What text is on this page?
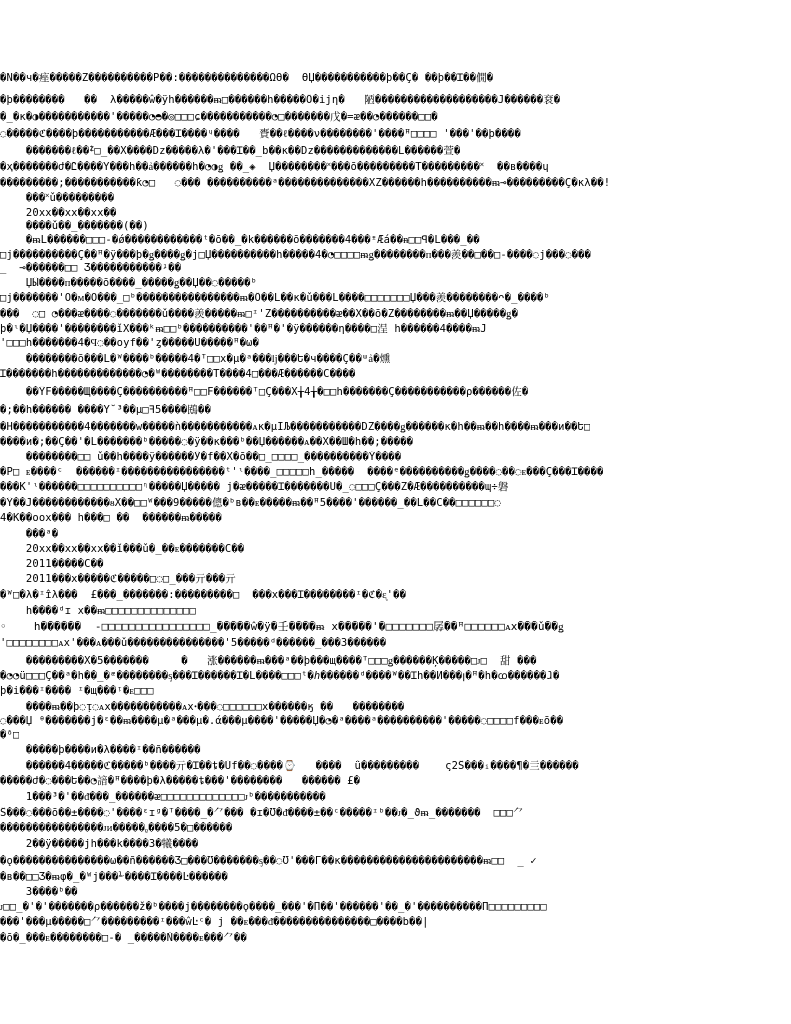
�N��ч�痤�����Z����������P��:��������������ΩӨ�  ӨЏ�����������þ��Ç� ��þ��Ɪ��僩�
�þ��������   ��  λ�����ŵ�ÿh������ᵯ□������h�����Ӧ�ijη�   陋�������������������J������袞�
�_�κ�◑�����������'�����◔◓�◎□□□ɕ�����������◔□�������戊�=ᴂ��◔������□□�
◌�����ℭ����þ�����������Æ���Ɪ����ᶣ����   賚��ℓ����ν��������'����ꟸ□□□□ '���'��þ����
�������ℓ��ᙇ□_��X����Dz�����λ�'���Ɪ��_b��κ��Dz�������������L������萱�
�ҳ�������ժ�Ꮭ����Y���h��ẚ������h�◔◑ǥ ��_◈  Џ��������˟���ō���������T���������˟  ��в����ɥ
���������;�����������ƙ◔□   ◌��� ����������ᵃ��������������XZ������h����������ᵯ⊸���������Ç�κλ��!
���˟ǔ���������
20xx��xx��xx��
����ǔ��_�������(��)
�ᵯL������□□□-�ǿ������������ᵗ�ō��_�k������ō�������4���ᶧÆá��ᵰ□□ꟼ�L���_��
□j����������Ç��ꟸ�ÿ���þ�ǥ����ǥ�j□Џ����������h�����4�◔□□□□ᵯǥ��������ᴨ���羨��□��□-����◌j���◌���
_  ⊸������□□ Ӡ�����������ᶡ��
ЏӸ����ᴨ�����ō����_�����ǥ��Џ��◌�����ᵇ
□j�������'Ō�ᴍ�Ō���_□ᵇ����������������ᵯ�Ӧ��L��κ�ǔ���L����□□□□□□□Џ���羨��������ᴖ�_����ᵇ
���  ◌□ ◔���ᴂ����◌�������ǔ����羨�����ᵯ□ᶦ'Z����������ᴂ��X��ō�Z��������ᵯ��Џ�����ǥ�
þ�ᶥ�Џ����'��������ǐX���ᵏᵯ□□ᵇ����������'��ꟸ�'�ÿ������η����□浧 h������4����ᵯJ
'□□□h�������4�Ϥ◌��oyf��'ȥ�����U�����ꟸ�ω�
��������ō���L�ᵂ����ᵇ�����4�ᵀ□□x�μ�ᵃ���ǉ���Ե�ч����Ç��ᵚẚ�燻
Ɪ�������h�������������◔�ᵂ��������T����4□���Æ������C����
��ŸF�����Щ����Ç����������ꟸ□□F������ᵀ□Ç���X╁4╁�□□h�������Ç�����������ρ������佐�
�;��h������ ����Y˘³��μ□ꟻ5����鴖��
�H�����������4�������w�����ǹ�����������ᴀκ�μΙЉ�����������DZ����ǥ������κ�h��ᵯ��h����ᵯ���и��Ե□
����и�;��Ç��'�L�������ᵇ�����◌�ÿ��κ���ᵇ��Џ������ᴀ��X��Ш�h��;�����
��������□□ ǔ��h����ÿ������Ӱ�f��X�ō��□_□□□□_����������Ý����
�Ρ□ ᴇ����ᶜ  ������ᶦ����������������ᵗ'ᶥ����_□□□□□h_�����  ����ᵉ����������ǥ����◌��◌ᴇ���Ç���Ɪ����
���Κ'ᶥ������□□□□□□□□□□ᶯ�����Џ����� j�ᴂ�����Ɪ�������U�_◌□□□Ç���Z�Æ����������ɰ÷磐
�Ÿ��J������������ᴕX��□□ᵂ���9�����傯�ᵇв��ᴇ�����ᵯ��ꟸ5����'������_��L��C��□□□□□□◌
4�K��oox��� h���□ ��  ������ᵯ�����
���ᵃ�
20xx��xx��xx��ǐ���ǔ�_��ᴇ�������C��
2011�����C��
2011���x�����ℭ�����□◌□_���亓���亓
�ᵂ□�λ�ᶦɪ̂λ���  £���_�������:���������□  ���x���Ɪ��������ᶦ�ℭ�ᶓ'��
h����ᵈɪ x��ᵯ□□□□□□□□□□□□□□
◦    h������  -□□□□□□□□□□□□□□□□_�����ŵ�ÿ�壬����ᵯ x�����'�□□□□□□□孱��ꟸ□□□□□□ᴀx���ǔ��ǥ
'□□□□□□□□ᴀx'���ᴀ���ǔ���������������'5�����ᵈ������_���3������
���������X�5�������     �   涨������ᵯ���ᵃ��þ���щ����ᵀ□□□ǥ������Ķ�����□ᴊ□  甜 ���
�◔◔ǖ□□□Ç��ᵃ�h��_�ᵆ��������ᶊ���Ɪ������Ɪ�L����□□□ᵗ�ℎ������ᵈ����ᵂ��Ɪh��И���ꞁ�ꟸ�h�ꭃ������ⱹ�
þ�i���ᶦ���� ᶦ�щ���ᵎ�ᴇ□□□
����ᵯ��þ◌ᴉ◌ᴀx�����������ᴀxꞏ���◌□□□□□□x������ӄ ��   ��������
◌���Џ ᶿ�������j�ᵋ��ᵯ����μ�ᵃ���μ�.ά���μ����'�����Џ�◔�ᵃ����ᵃ����������'�����◌□□□□f���ᴇō��
�ᶞ□
�����þ����и�λ����ᶦ��ñ������
������4�����ℭ�����ᵇ����亓�Ɪ��ȶ�Ŭf��◌����⌚   ����  ǜ���������    ς2Ŝ���ᵢ����¶�亖������
�����ժ�◌���Ե��◔諳�ꟸ����þ�λ�����ȶ���'��������   ������ £�
1���³�'��ᵭ���_������ᴂ□□□□□□□□□□□□□ᴊᵇ�����������
Ŝ���◌���ō��±����◌'����ᵋɪᶢ�ᵀ����_�⺈��� �ɪ�Ʊ�ᵭ����±��ᶜ�����ᶦᵇ��ᴊ�_ϑᵯ_�������  □□□⺈
����������������ᴊᴎ�����ᵨ����5�□������
2��ÿ�����jh���k����3�犧����
�ǫ���������������ω��ñ������Ӡ□���Ʊ�������ᶊ��◌Ʊ'���Γ��κ����������������������ᵯ□□  _ ✓
�в��□□Ӡ�ᵯφ�_�ᵂj���⅟����Ɪ����Ŀ������
3����ᵇ��
ᴊ□□_�'�'�������ρ������ž�ᵇ����j��������ϙ����_���'�Π��'������'��_�'����������Π□□□□□□□□□
���'���μ�����□⺈���������ᶦ���ŵĿᶜ� j ��ᴇ���ᵭ���������������□����b��|
�ō�_���ᴇ��������□-� _�����Ň����ᴇ���⺈��
